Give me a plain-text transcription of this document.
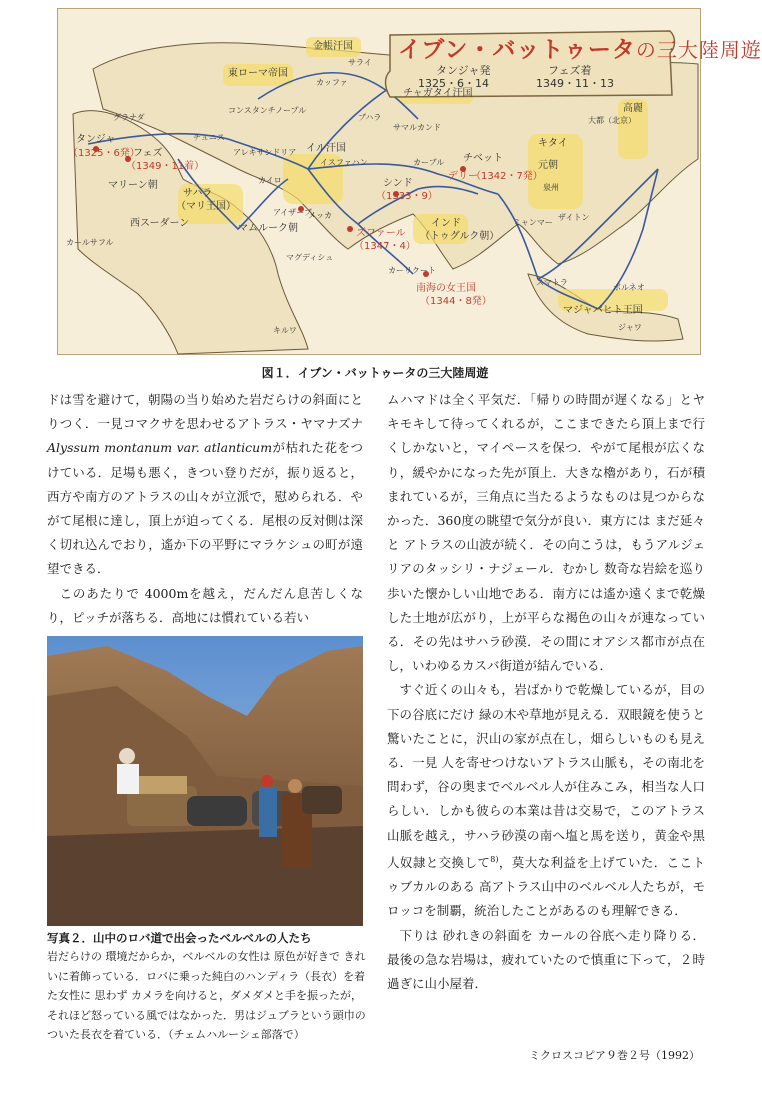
イブン・バットゥータの三大陸周遊
タンジャ発
1325・6・14
フェズ着
1349・11・13
金帳汗国
東ローマ帝国
カッファ
サライ
チャガタイ汗国
コンスタンチノープル
グラナダ
チュニス
アレキサンドリア
ブハラ
サマルカンド
イル汗国
イスファハン
タンジャ
（1325・6発）
フェズ
（1349・11着）
マリーン朝
サハラ
（マリ王国）
西スーダーン
カイロ
マムルーク朝
アイザーブ
メッカ
シンド
（1333・9）
デリー
（1342・7発）
チベット
カーブル
インド
（トゥグルク朝）
ズファール
（1347・4）
マグディシュ
キルワ
カーリクート
南海の女王国
（1344・8発）
キタイ
元朝
大都（北京）
高麗
泉州
ザイトン
ミャンマー
ボルネオ
スマトラ
マジャパヒト王国
ジャワ
カールサフル
図１．イブン・バットゥータの三大陸周遊

ドは雪を避けて，朝陽の当り始めた岩だらけの斜面にとりつく．一見コマクサを思わせるアトラス・ヤマナズナ Alyssum montanum var. atlanticumが枯れた花をつけている．足場も悪く，きつい登りだが，振り返ると，西方や南方のアトラスの山々が立派で，慰められる．やがて尾根に達し，頂上が迫ってくる．尾根の反対側は深く切れ込んでおり，遙か下の平野にマラケシュの町が遠望できる．

このあたりで 4000mを越え，だんだん息苦しくなり，ピッチが落ちる．高地には慣れている若い

写真２．山中のロバ道で出会ったベルベルの人たち
岩だらけの 環境だからか，ベルベルの女性は 原色が好きで きれいに着飾っている．ロバに乗った純白のハンディラ（長衣）を着た女性に 思わず カメラを向けると，ダメダメと手を振ったが，それほど怒っている風ではなかった．男はジュブラという頭巾のついた長衣を着ている．（チェムハルーシェ部落で）

ムハマドは全く平気だ．「帰りの時間が遅くなる」とヤキモキして待ってくれるが，ここまできたら頂上まで行くしかないと，マイペースを保つ．やがて尾根が広くなり，緩やかになった先が頂上．大きな櫓があり，石が積まれているが，三角点に当たるようなものは見つからなかった．360度の眺望で気分が良い．東方には まだ延々と アトラスの山波が続く．その向こうは，もうアルジェリアのタッシリ・ナジェール．むかし 数奇な岩絵を巡り歩いた懐かしい山地である．南方には遙か遠くまで乾燥した土地が広がり，上が平らな褐色の山々が連なっている．その先はサハラ砂漠．その間にオアシス都市が点在し，いわゆるカスバ街道が結んでいる．

すぐ近くの山々も，岩ばかりで乾燥しているが，目の下の谷底にだけ 緑の木や草地が見える．双眼鏡を使うと 驚いたことに，沢山の家が点在し，畑らしいものも見える．一見 人を寄せつけないアトラス山脈も，その南北を問わず，谷の奥までベルベル人が住みこみ，相当な人口らしい．しかも彼らの本業は昔は交易で，このアトラス山脈を越え，サハラ砂漠の南へ塩と馬を送り，黄金や黒人奴隷と交換して$^{8)}$，莫大な利益を上げていた．ここトゥブカルのある 高アトラス山中のベルベル人たちが，モロッコを制覇，統治したことがあるのも理解できる．

下りは 砂れきの斜面を カールの谷底へ走り降りる．最後の急な岩場は，疲れていたので慎重に下って，２時過ぎに山小屋着．

ミクロスコピア９巻２号（1992）
